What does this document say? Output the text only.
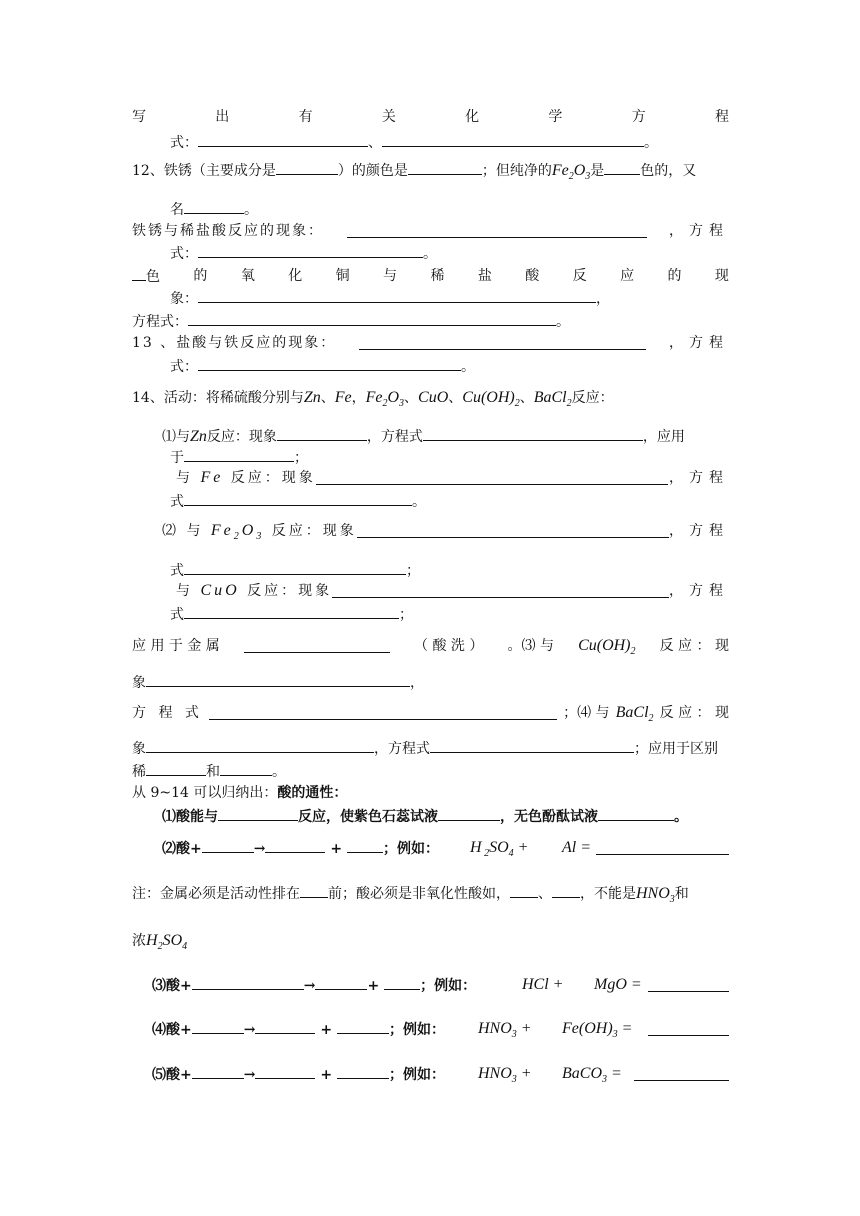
写	出	有	关	化	学	方	程
式：	、	。
12、铁锈（主要成分是	）的颜色是	；但纯净的$Fe_2O_3$是	色的，又
名	。
铁锈与稀盐酸反应的现象：	，方程
式：	。
色 的 氧 化 铜 与 稀 盐 酸 反 应 的 现
象：	，
方程式：	。
13 、盐酸与铁反应的现象：	，方程
式：	。
14、活动：将稀硫酸分别与Zn、Fe，$Fe_2O_3$、CuO、$Cu(OH)_2$、BaCl$_2$反应：
⑴与Zn反应：现象	，方程式	，应用
于	；
与 Fe 反应：现象	，方程
式	。
⑵ 与 $Fe_2O_3$ 反应：现象	，方程
式	；
与 CuO 反应：现象	，方程
式	；
应 用 于 金 属	（ 酸 洗 ） 。⑶ 与 $Cu(OH)_2$ 反 应 ： 现
象	，
方 程 式	；⑷ 与 BaCl$_2$ 反 应 ： 现
象	，方程式	；应用于区别
稀	和	。
从 9~14 可以归纳出：酸的通性：
⑴酸能与	反应，使紫色石蕊试液	，无色酚酞试液	。
⑵酸+	→	+	；例如： H $_2SO_4 + Al$ =
注：金属必须是活动性排在 前；酸必须是非氧化性酸如， 、 ，不能是$HNO_3$和
浓$H_2SO_4$
⑶酸+	→	+	；例如：	HCl + MgO =
⑷酸+	→	+	；例如： $HNO_3 + Fe(OH)_3$ =
⑸酸+	→	+	；例如： $HNO_3$ + BaCO$_3$ =
